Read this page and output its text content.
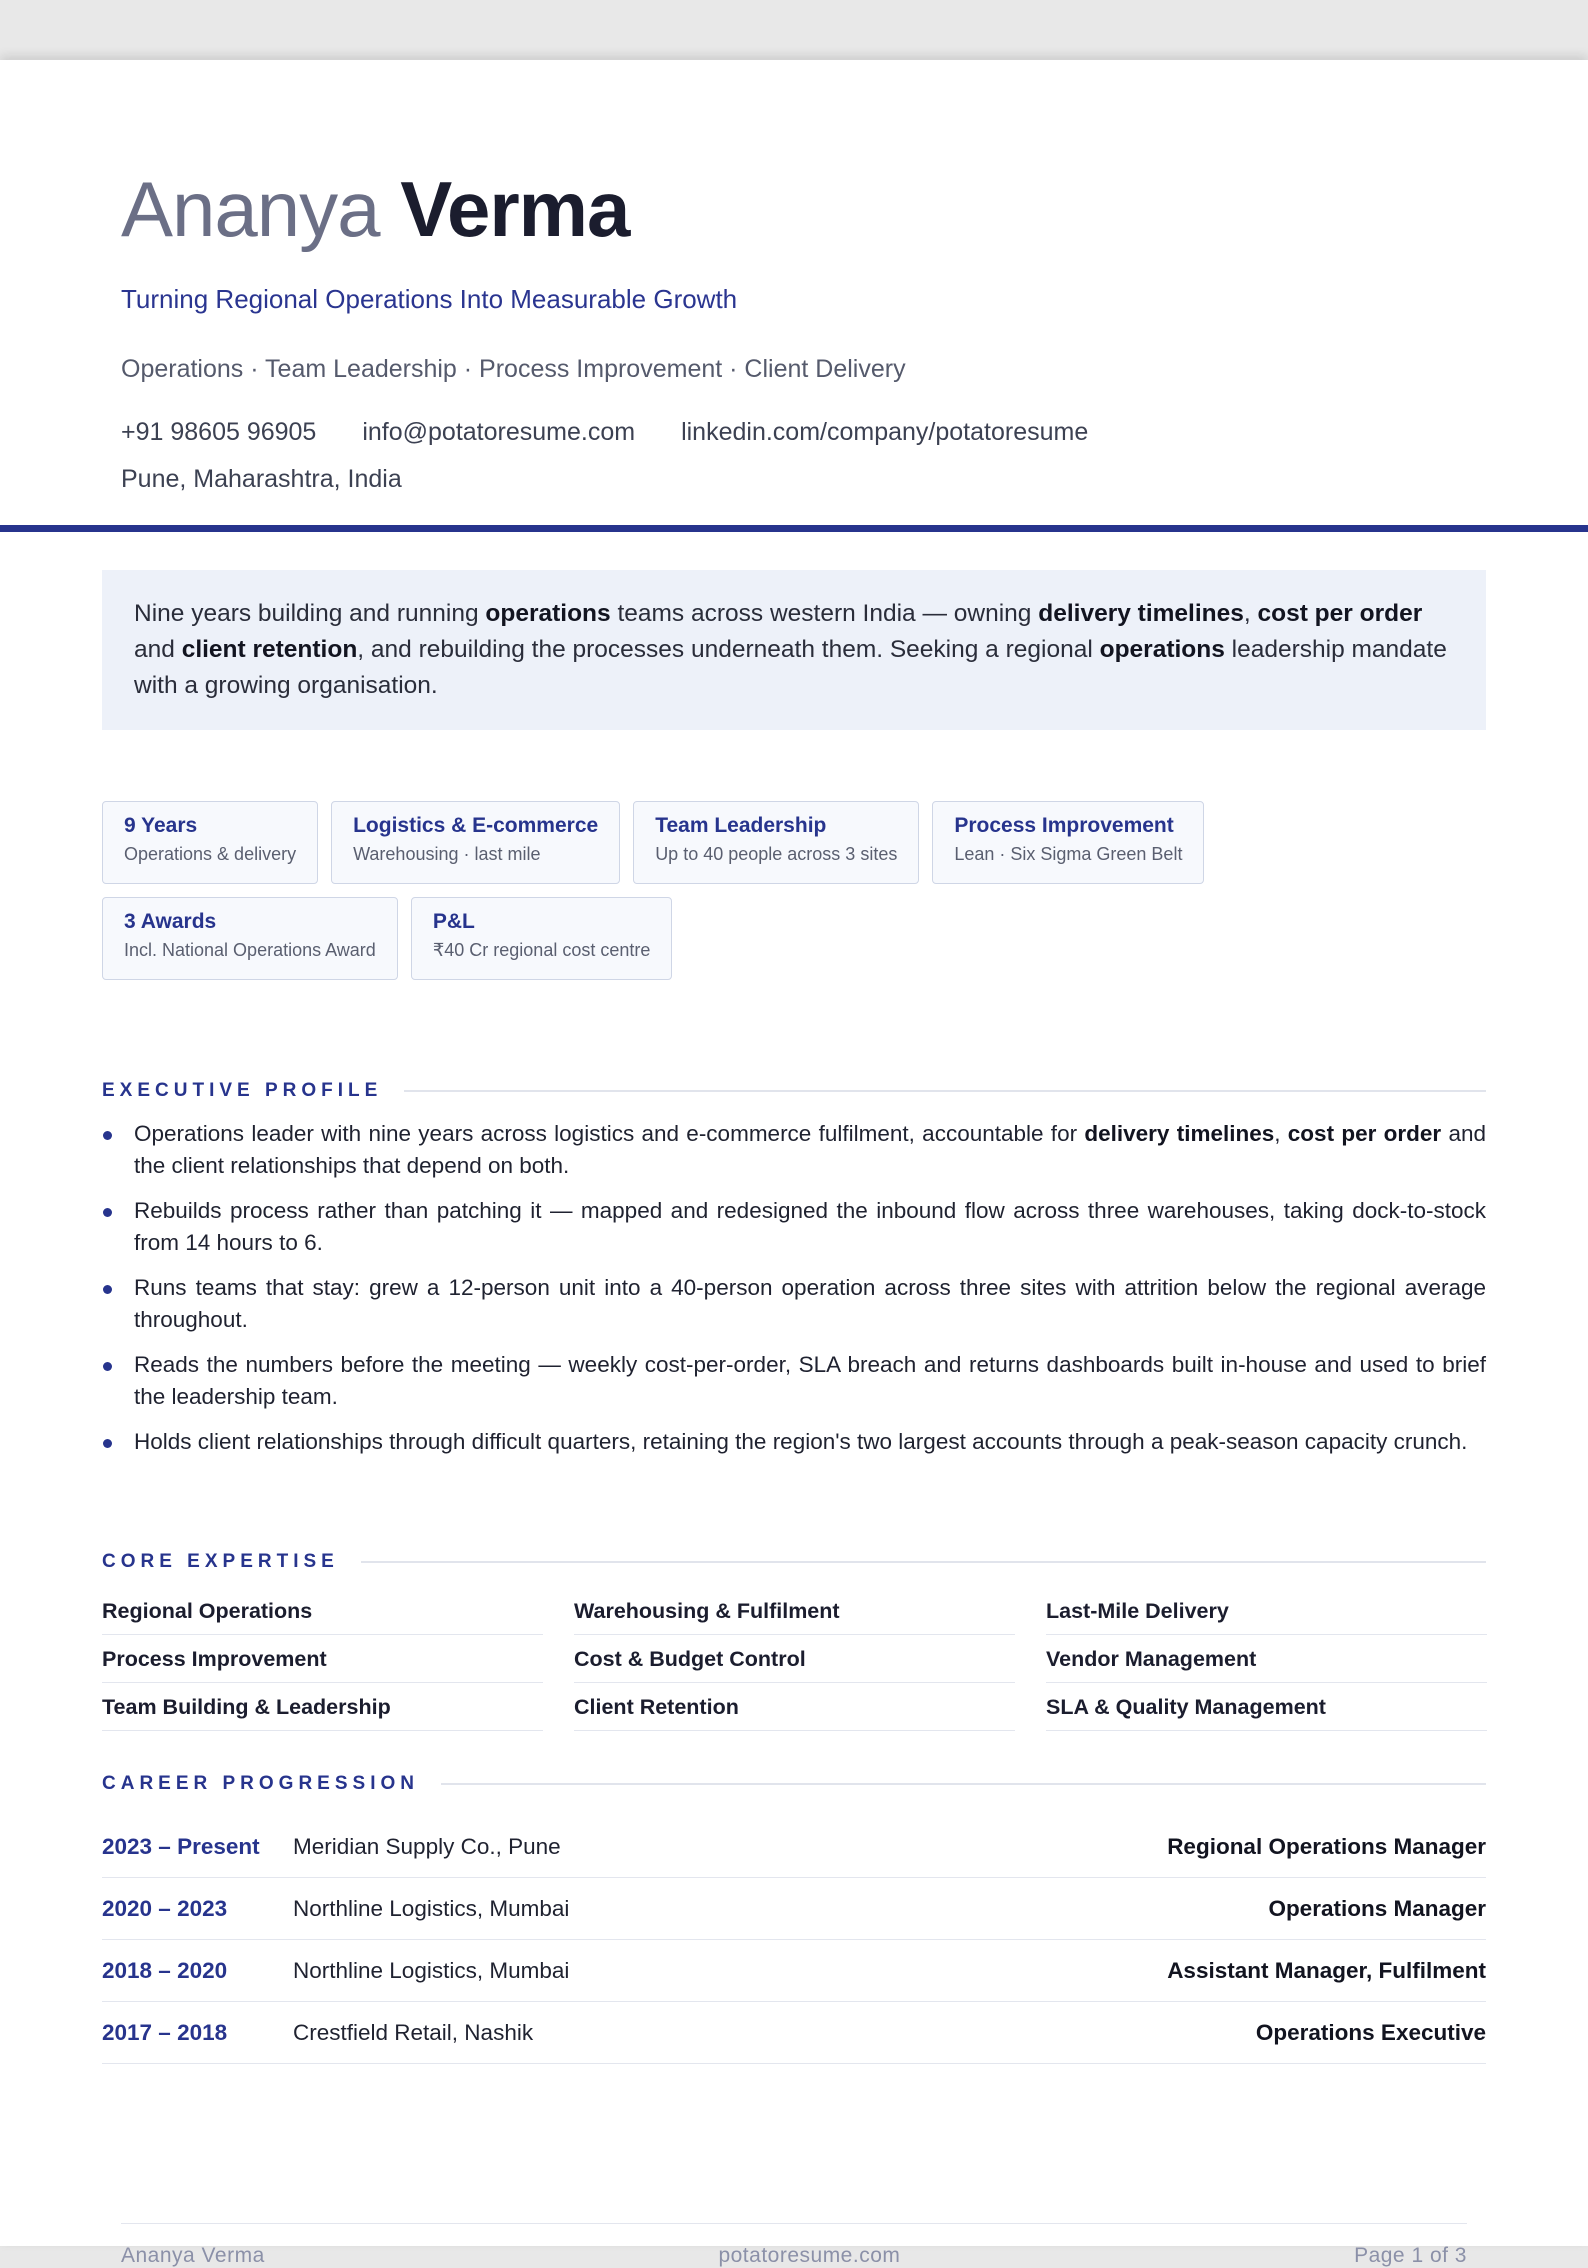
Ananya Verma
Turning Regional Operations Into Measurable Growth
Operations · Team Leadership · Process Improvement · Client Delivery
+91 98605 96905 info@potatoresume.com linkedin.com/company/potatoresume
Pune, Maharashtra, India
Nine years building and running operations teams across western India — owning delivery timelines, cost per order and client retention, and rebuilding the processes underneath them. Seeking a regional operations leadership mandate with a growing organisation.
9 Years
Operations & delivery
Logistics & E-commerce
Warehousing · last mile
Team Leadership
Up to 40 people across 3 sites
Process Improvement
Lean · Six Sigma Green Belt
3 Awards
Incl. National Operations Award
P&L
₹40 Cr regional cost centre
EXECUTIVE PROFILE
Operations leader with nine years across logistics and e-commerce fulfilment, accountable for delivery timelines, cost per order and the client relationships that depend on both.
Rebuilds process rather than patching it — mapped and redesigned the inbound flow across three warehouses, taking dock-to-stock from 14 hours to 6.
Runs teams that stay: grew a 12-person unit into a 40-person operation across three sites with attrition below the regional average throughout.
Reads the numbers before the meeting — weekly cost-per-order, SLA breach and returns dashboards built in-house and used to brief the leadership team.
Holds client relationships through difficult quarters, retaining the region's two largest accounts through a peak-season capacity crunch.
CORE EXPERTISE
Regional Operations	Warehousing & Fulfilment	Last-Mile Delivery
Process Improvement	Cost & Budget Control	Vendor Management
Team Building & Leadership	Client Retention	SLA & Quality Management
CAREER PROGRESSION
2023 – Present	Meridian Supply Co., Pune	Regional Operations Manager
2020 – 2023	Northline Logistics, Mumbai	Operations Manager
2018 – 2020	Northline Logistics, Mumbai	Assistant Manager, Fulfilment
2017 – 2018	Crestfield Retail, Nashik	Operations Executive
Ananya Verma	potatoresume.com	Page 1 of 3
